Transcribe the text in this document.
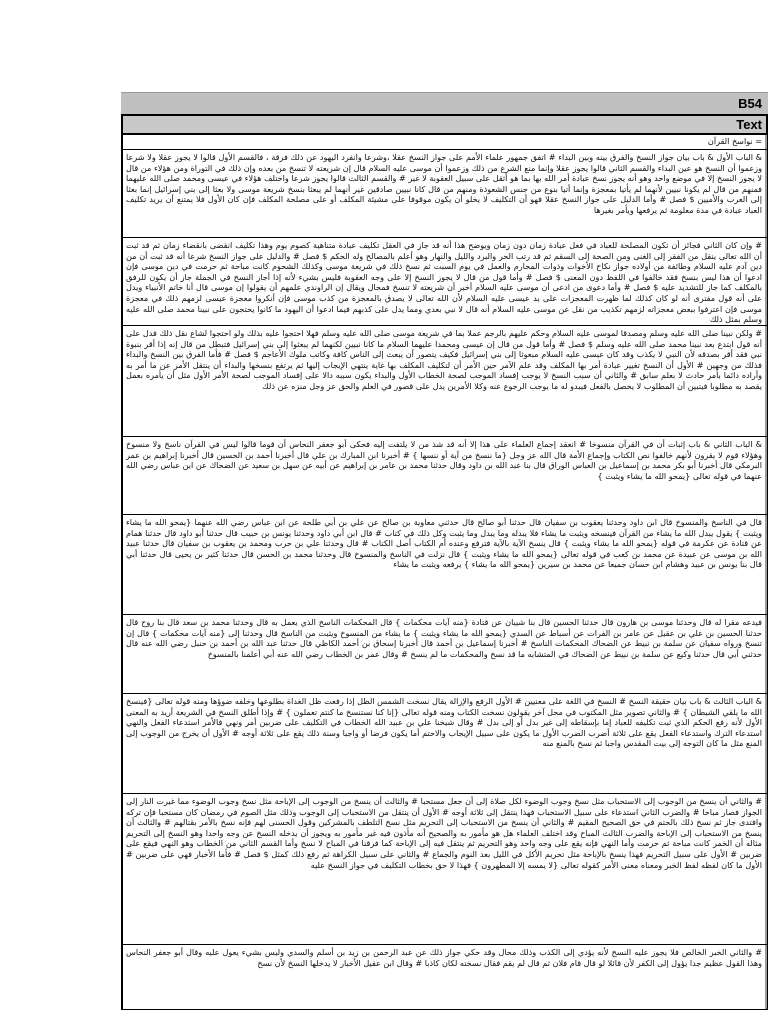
B54
Text
= نواسخ القرآن
& الباب الأول & باب بيان جواز النسخ والفرق بينه وبين البداء # اتفق جمهور علماء الأمم على جواز النسخ عقلا ،وشرعا وانفرد اليهود عن ذلك فرقة ، فالقسم الأول قالوا لا يجوز عقلا ولا شرعا وزعموا أن النسخ هو عين البداء والقسم الثاني قالوا يجوز عقلا وإنما منع الشرع من ذلك وزعموا أن موسى عليه السلام قال إن شريعته لا تنسخ من بعده وإن ذلك في التوراة ومن هؤلاء من قال لا يجوز النسخ إلا في موضع واحد وهو أنه يجوز نسخ عبادة أمر الله بها بما هو أثقل على سبيل العقوبة لا غير # والقسم الثالث قالوا يجوز شرعا واختلف هؤلاء في عيسى ومحمد صلى الله عليهما فمنهم من قال لم يكونا نبيين لأنهما لم يأتيا بمعجزة وإنما أتيا بنوع من جنس الشعوذة ومنهم من قال كانا نبيين صادقين غير أنهما لم يبعثا بنسخ شريعة موسى ولا بعثا إلى بني إسرائيل إنما بعثا إلى العرب والأميين $ فصل # وأما الدليل على جواز النسخ عقلا فهو أن التكليف لا يخلو أن يكون موقوفا على مشيئة المكلف أو على مصلحة المكلف فإن كان الأول فلا يمتنع أن يريد تكليف العباد عبادة في مدة معلومة ثم يرفعها ويأمر بغيرها
# وإن كان الثاني فجائز أن تكون المصلحة للعباد في فعل عبادة زمان دون زمان ويوضح هذا أنه قد جاز في العقل تكليف عبادة متناهية كصوم يوم وهذا تكليف انقضى بانقضاء زمان ثم قد ثبت أن الله تعالى ينقل من الفقر إلى الغنى ومن الصحة إلى السقم ثم قد رتب الحر والبرد والليل والنهار وهو أعلم بالمصالح وله الحكم $ فصل # والدليل على جواز النسخ شرعا أنه قد ثبت أن من دين آدم عليه السلام وطائفة من أولاده جواز نكاح الأخوات وذوات المحارم والعمل في يوم السبت ثم نسخ ذلك في شريعة موسى وكذلك الشحوم كانت مباحة ثم حرمت في دين موسى فإن ادعوا أن هذا ليس بنسخ فقد خالفوا في اللفظ دون المعنى $ فصل # وأما قول من قال لا يجوز النسخ إلا على وجه العقوبة فليس بشيء لأنه إذا أجاز النسخ في الجملة جاز أن يكون للرفق بالمكلف كما جاز للتشديد عليه $ فصل # وأما دعوى من ادعى أن موسى عليه السلام أخبر أن شريعته لا تنسخ فمحال ويقال إن الراوندي علمهم أن يقولوا إن موسى قال أنا خاتم الأنبياء ويدل على أنه قول مفترى أنه لو كان كذلك لما ظهرت المعجزات على يد عيسى عليه السلام لأن الله تعالى لا يصدق بالمعجزة من كذب موسى فإن أنكروا معجزة عيسى لزمهم ذلك في معجزة موسى فإن اعترفوا ببعض معجزاته لزمهم تكذيب من نقل عن موسى عليه السلام أنه قال لا نبي بعدي ومما يدل على كذبهم فيما ادعوا أن اليهود ما كانوا يحتجون على نبينا محمد صلى الله عليه وسلم بمثل ذلك
# ولكن نبينا صلى الله عليه وسلم ومصدقا لموسى عليه السلام وحكم عليهم بالرجم عملا بما في شريعة موسى صلى الله عليه وسلم فهلا احتجوا عليه بذلك ولو احتجوا لشاع نقل ذلك فدل على أنه قول ابتدع بعد نبينا محمد صلى الله عليه وسلم $ فصل # وأما قول من قال إن عيسى ومحمدا عليهما السلام ما كانا نبيين لكنهما لم يبعثوا إلى بني إسرائيل فتبطل من قال إنه إذا أقر بنبوة نبي فقد أقر بصدقه لأن النبي لا يكذب وقد كان عيسى عليه السلام مبعوثا إلى بني إسرائيل فكيف يتصور أن يبعث إلى الناس كافة وكاتب ملوك الأعاجم $ فصل # فأما الفرق بين النسخ والبداء فذلك من وجهين # الأول أن النسخ تغيير عبادة أمر بها المكلف وقد علم الآمر حين الأمر أن لتكليف المكلف بها غاية ينتهي الإيجاب إليها ثم يرتفع بنسخها والبداء أن ينتقل الأمر عن ما أمر به وأراده دائما بأمر حادث لا بعلم سابق # والثاني أن سبب النسخ لا يوجب إفساد الموجب لصحة الخطاب الأول والبداء يكون سببه دالا على إفساد الموجب لصحة الأمر الأول مثل أن يأمره بعمل يقصد به مطلوبا فيتبين أن المطلوب لا يحصل بالفعل فيبدو له ما يوجب الرجوع عنه وكلا الأمرين يدل على قصور في العلم والحق عز وجل منزه عن ذلك
& الباب الثاني & باب إثبات أن في القرآن منسوخا # انعقد إجماع العلماء على هذا إلا أنه قد شذ من لا يلتفت إليه فحكى أبو جعفر النحاس أن قوما قالوا ليس في القرآن ناسخ ولا منسوخ وهؤلاء قوم لا يقرون لأنهم خالفوا نص الكتاب وإجماع الأمة قال الله عز وجل {ما ننسخ من آية أو ننسها } # أخبرنا ابن المبارك بن علي قال أخبرنا أحمد بن الحسين قال أخبرنا إبراهيم بن عمر البرمكي قال أخبرنا أبو بكر محمد بن إسماعيل بن العباس الوراق قال بنا عبد الله بن داود وقال حدثنا محمد بن عامر بن إبراهيم عن أبيه عن سهل بن سعيد عن الضحاك عن ابن عباس رضي الله عنهما في قوله تعالى {يمحو الله ما يشاء ويثبت }
قال في الناسخ والمنسوخ قال ابن داود وحدثنا يعقوب بن سفيان قال حدثنا أبو صالح قال حدثني معاوية بن صالح عن علي بن أبي طلحة عن ابن عباس رضي الله عنهما {يمحو الله ما يشاء ويثبت } يقول يبدل الله ما يشاء من القرآن فينسخه ويثبت ما يشاء فلا يبدله وما يبدل وما يثبت وكل ذلك في كتاب # قال ابن أبي داود وحدثنا يونس بن حبيب قال حدثنا أبو داود قال حدثنا همام عن قتادة عن عكرمة في قوله {يمحو الله ما يشاء ويثبت } قال ينسخ الآية بالآية فترفع وعنده أم الكتاب أصل الكتاب # قال وحدثنا علي بن حرب ومحمد بن يعقوب بن سفيان قال حدثنا عبيد الله بن موسى عن عبيدة عن محمد بن كعب في قوله تعالى {يمحو الله ما يشاء ويثبت } قال نزلت في الناسخ والمنسوخ قال وحدثنا محمد بن الحسن قال حدثنا كثير بن يحيى قال حدثنا أبي قال بنا يونس بن عبيد وهشام ابن حسان جميعا عن محمد بن سيرين {يمحو الله ما يشاء } يرفعه ويثبت ما يشاء
فيدعه مقرا له قال وحدثنا موسى بن هارون قال حدثنا الحسين قال بنا شيبان عن قتادة {منه آيات محكمات } قال المحكمات الناسخ الذي يعمل به قال وحدثنا محمد بن سعد قال بنا روح قال حدثنا الحسين بن علي بن عقيل عن عامر بن الفرات عن أسباط عن السدي {يمحو الله ما يشاء ويثبت } ما يشاء من المنسوخ ويثبت من الناسخ قال وحدثنا إلى {منه آيات محكمات } قال إن تنسخ ورواه سفيان عن سلمة بن نبيط عن الضحاك المحكمات الناسخ # أخبرنا إسماعيل بن أحمد قال أخبرنا إسحاق بن أحمد الكاظي قال حدثنا عبد الله بن أحمد بن حنبل رضي الله عنه قال حدثني أبي قال حدثنا وكيع عن سلمة بن نبيط عن الضحاك في المتشابه ما قد نسخ والمحكمات ما لم ينسخ # وقال عمر بن الخطاب رضي الله عنه أبي أعلمنا بالمنسوخ
& الباب الثالث & باب بيان حقيقة النسخ # النسخ في اللغة على معنيين # الأول الرفع والإزالة يقال نسخت الشمس الظل إذا رفعت ظل الغداة بطلوعها وخلفه ضوؤها ومنه قوله تعالى {فينسخ الله ما يلقي الشيطان } # والثاني تصوير مثل المكتوب في محل آخر يقولون نسخت الكتاب ومنه قوله تعالى {إنا كنا نستنسخ ما كنتم تعملون } # وإذا أطلق النسخ في الشريعة أريد به المعنى الأول لأنه رفع الحكم الذي ثبت تكليفه للعباد إما بإسقاطه إلى غير بدل أو إلى بدل # وقال شيخنا علي بن عبيد الله الخطاب في التكليف على ضربين أمر ونهي فالأمر استدعاء الفعل والنهي استدعاء الترك واستدعاء الفعل يقع على ثلاثة أضرب الضرب الأول ما يكون على سبيل الإيجاب والاحتم أما يكون فرضا أو واجبا وسنة ذلك يقع على ثلاثة أوجه # الأول أن يخرج من الوجوب إلى المنع مثل ما كان التوجه إلى بيت المقدس واجبا ثم نسخ بالمنع منه
# والثاني أن ينسخ من الوجوب إلى الاستحباب مثل نسخ وجوب الوضوء لكل صلاة إلى أن جعل مستحبا # والثالث أن ينسخ من الوجوب إلى الإباحة مثل نسخ وجوب الوضوء مما غيرت النار إلى الجواز فصار مباحا # والضرب الثاني استدعاء على سبيل الاستحباب فهذا ينتقل إلى ثلاثة أوجه # الأول أن ينتقل من الاستحباب إلى الوجوب وذلك مثل الصوم في رمضان كان مستحبا فإن تركه وافتدى جاز ثم نسخ ذلك بالحتم في حق الصحيح المقيم # والثاني أن ينسخ من الاستحباب إلى التحريم مثل نسخ التلطف بالمشركين وقول الحسنى لهم فإنه نسخ بالأمر بقتالهم # والثالث أن ينسخ من الاستحباب إلى الإباحة والضرب الثالث المباح وقد اختلف العلماء هل هو مأمور به والصحيح أنه مأذون فيه غير مأمور به ويجوز أن يدخله النسخ عن وجه واحدا وهو النسخ إلى التحريم مثاله أن الخمر كانت مباحة ثم حرمت وأما النهي فإنه يقع على وجه واحد وهو التحريم ثم ينتقل فيه إلى الإباحة كما فرقنا في المباح لا نسخ وأما القسم الثاني من الخطاب وهو النهي فيقع على ضربين # الأول على سبيل التحريم فهذا ينسخ بالإباحة مثل تحريم الأكل في الليل بعد النوم والجماع # والثاني على سبيل الكراهة ثم رفع ذلك كمثل $ فصل # فأما الأخبار فهي على ضربين # الأول ما كان لفظه لفظ الخبر ومعناه معنى الأمر كقوله تعالى {لا يمسه إلا المطهرون } فهذا لا حق بخطاب التكليف في جواز النسخ عليه
# والثاني الخبر الخالص فلا يجوز عليه النسخ لأنه يؤدي إلى الكذب وذلك محال وقد حكي جواز ذلك عن عبد الرحمن بن زيد بن أسلم والسدي وليس بشيء يعول عليه وقال أبو جعفر النحاس وهذا القول عظيم جدا يؤول إلى الكفر لأن قائلا لو قال قام فلان ثم قال لم يقم فقال نسخته لكان كاذبا # وقال ابن عقيل الأخبار لا يدخلها النسخ لأن نسخ
